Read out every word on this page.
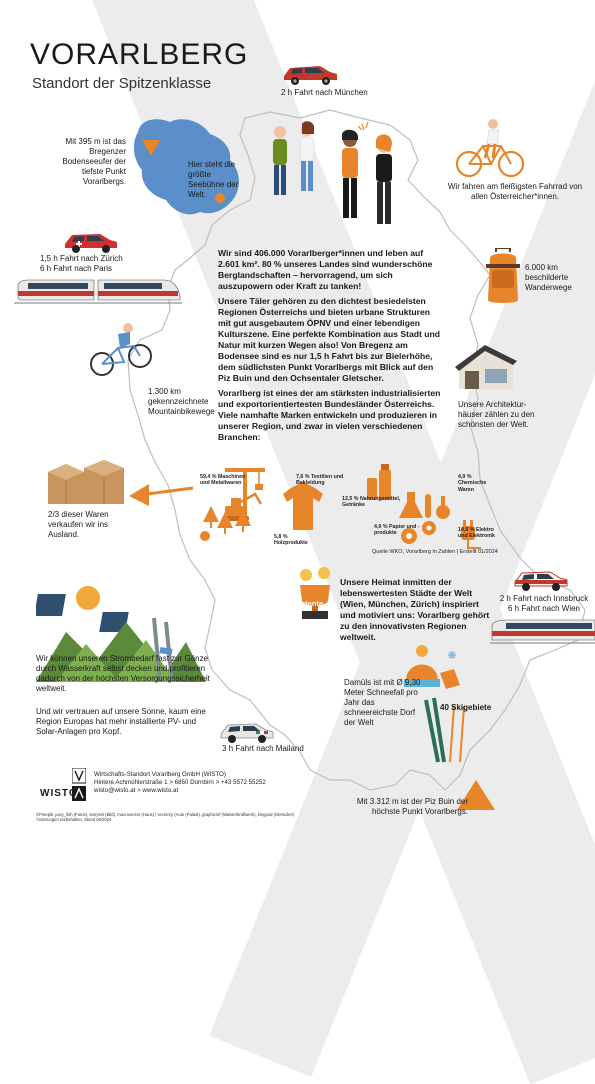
VORARLBERG
Standort der Spitzenklasse
2 h Fahrt nach München
Mit 395 m ist das Bregenzer Bodenseeufer der tiefste Punkt Vorarlbergs.
Hier steht die größte Seebühne der Welt.
Wir fahren am fleißigsten Fahrrad von allen Österreicher*innen.
1,5 h Fahrt nach Zürich
6 h Fahrt nach Paris	6.000 km beschilderte Wanderwege
1.300 km gekennzeichnete Mountainbikewege

Wir sind 406.000 Vorarlberger*innen und leben auf 2.601 km². 80 % unseres Landes sind wunderschöne Berglandschaften – hervorragend, um sich auszupowern oder Kraft zu tanken!

Unsere Täler gehören zu den dichtest besiedelsten Regionen Österreichs und bieten urbane Strukturen mit gut ausgebautem ÖPNV und einer lebendigen Kulturszene. Eine perfekte Kombination aus Stadt und Natur mit kurzen Wegen also! Von Bregenz am Bodensee sind es nur 1,5 h Fahrt bis zur Bielerhöhe, dem südlichsten Punkt Vorarlbergs mit Blick auf den Piz Buin und den Ochsentaler Gletscher.

Vorarlberg ist eines der am stärksten industrialisierten und exportorientiertesten Bundesländer Österreichs. Viele namhafte Marken entwickeln und produzieren in unserer Region, und zwar in vielen verschiedenen Branchen:

Unsere Architektur-häuser zählen zu den schönsten der Welt.
2/3 dieser Waren verkaufen wir ins Ausland.
59,4 % Maschinen und Metallwaren
7,6 % Textilien und Bekleidung
12,5 % Nahrungsmittel, Getränke
4,9 % Chemische Waren
5,8 % Holzprodukte
4,9 % Papier und -produkte
14,9 % Elektro und Elektronik
Quelle WKO, Vorarlberg in Zahlen | Erstellt 01/2024
2 h Fahrt nach Innsbruck
6 h Fahrt nach Wien
Patente
Unsere Heimat inmitten der lebenswertesten Städte der Welt (Wien, München, Zürich) inspiriert und motiviert uns: Vorarlberg gehört zu den innovativsten Regionen weltweit.
Wir können unseren Strombedarf fast zur Gänze durch Wasserkraft selbst decken und profitieren dadurch von der höchsten Versorgungssicherheit weltweit.
Und wir vertrauen auf unsere Sonne, kaum eine Region Europas hat mehr installierte PV- und Solar-Anlagen pro Kopf.
Damüls ist mit Ø 9,30 Meter Schneefall pro Jahr das schneereichste Dorf der Welt
40 Skigebiete
3 h Fahrt nach Mailand
Mit 3.312 m ist der Piz Buin der höchste Punkt Vorarlbergs.
WISTO
Wirtschafts-Standort Vorarlberg GmbH (WISTO)
Hintere Achmühlerstraße 1 > 6850 Dornbirn > +43 5572 55252
wisto@wisto.at > www.wisto.at
©Freepik: juicy_fish (Fotos), storyset (Bild), macrovector (Haus) | vectorzy (Auto (Palast), graphicsrf (Wasserkraftwerk), kingpod (Gletscher)
Änderungen vorbehalten, Stand 06/2024
